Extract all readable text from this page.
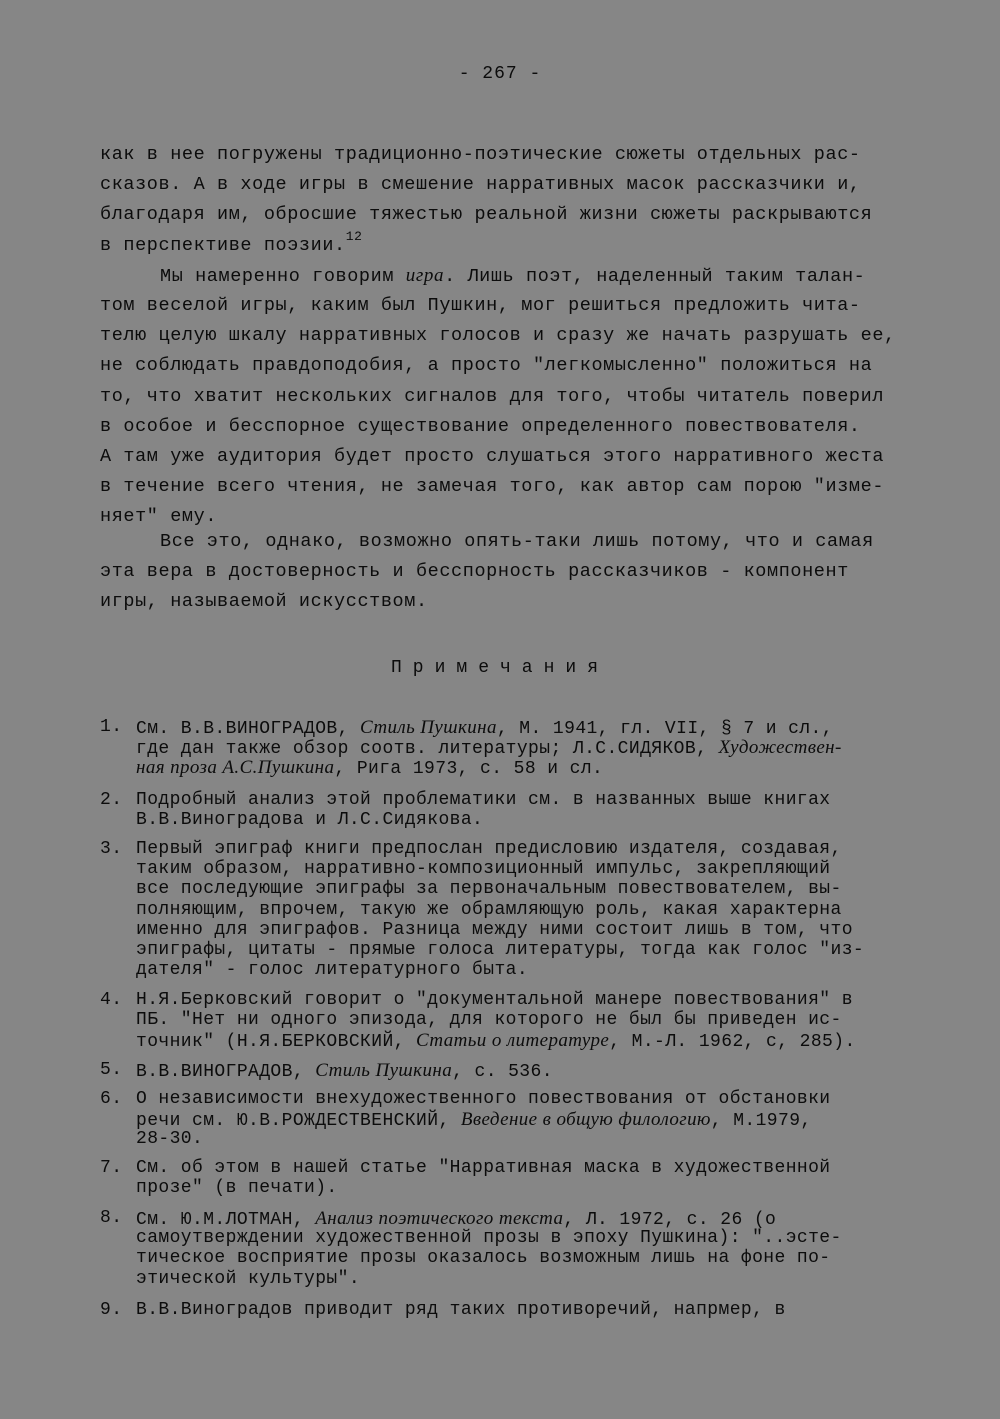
- 267 -
как в нее погружены традиционно-поэтические сюжеты отдельных рас-
сказов. А в ходе игры в смешение нарративных масок рассказчики и,
благодаря им, обросшие тяжестью реальной жизни сюжеты раскрываются
в перспективе поэзии.$^{12}$
Мы намеренно говорим игра. Лишь поэт, наделенный таким талан-
том веселой игры, каким был Пушкин, мог решиться предложить чита-
телю целую шкалу нарративных голосов и сразу же начать разрушать ее,
не соблюдать правдоподобия, а просто "легкомысленно" положиться на
то, что хватит нескольких сигналов для того, чтобы читатель поверил
в особое и бесспорное существование определенного повествователя.
А там уже аудитория будет просто слушаться этого нарративного жеста
в течение всего чтения, не замечая того, как автор сам порою "изме-
няет" ему.
Все это, однако, возможно опять-таки лишь потому, что и самая
эта вера в достоверность и бесспорность рассказчиков - компонент
игры, называемой искусством.
Примечания
1. См. В.В.ВИНОГРАДОВ, Стиль Пушкина, М. 1941, гл. VII, § 7 и сл.,
где дан также обзор соотв. литературы; Л.С.СИДЯКОВ, Художествен-
ная проза А.С.Пушкина, Рига 1973, с. 58 и сл.
2. Подробный анализ этой проблематики см. в названных выше книгах
В.В.Виноградова и Л.С.Сидякова.
3. Первый эпиграф книги предпослан предисловию издателя, создавая,
таким образом, нарративно-композиционный импульс, закрепляющий
все последующие эпиграфы за первоначальным повествователем, вы-
полняющим, впрочем, такую же обрамляющую роль, какая характерна
именно для эпиграфов. Разница между ними состоит лишь в том, что
эпиграфы, цитаты - прямые голоса литературы, тогда как голос "из-
дателя" - голос литературного быта.
4. Н.Я.Берковский говорит о "документальной манере повествования" в
ПБ. "Нет ни одного эпизода, для которого не был бы приведен ис-
точник" (Н.Я.БЕРКОВСКИЙ, Статьи о литературе, М.-Л. 1962, с, 285).
5. В.В.ВИНОГРАДОВ, Стиль Пушкина, с. 536.
6. О независимости внехудожественного повествования от обстановки
речи см. Ю.В.РОЖДЕСТВЕНСКИЙ, Введение в общую филологию, М.1979,
28-30.
7. См. об этом в нашей статье "Нарративная маска в художественной
прозе" (в печати).
8. См. Ю.М.ЛОТМАН, Анализ поэтического текста, Л. 1972, с. 26 (о
самоутверждении художественной прозы в эпоху Пушкина): "..эсте-
тическое восприятие прозы оказалось возможным лишь на фоне по-
этической культуры".
9. В.В.Виноградов приводит ряд таких противоречий, напрмер, в
